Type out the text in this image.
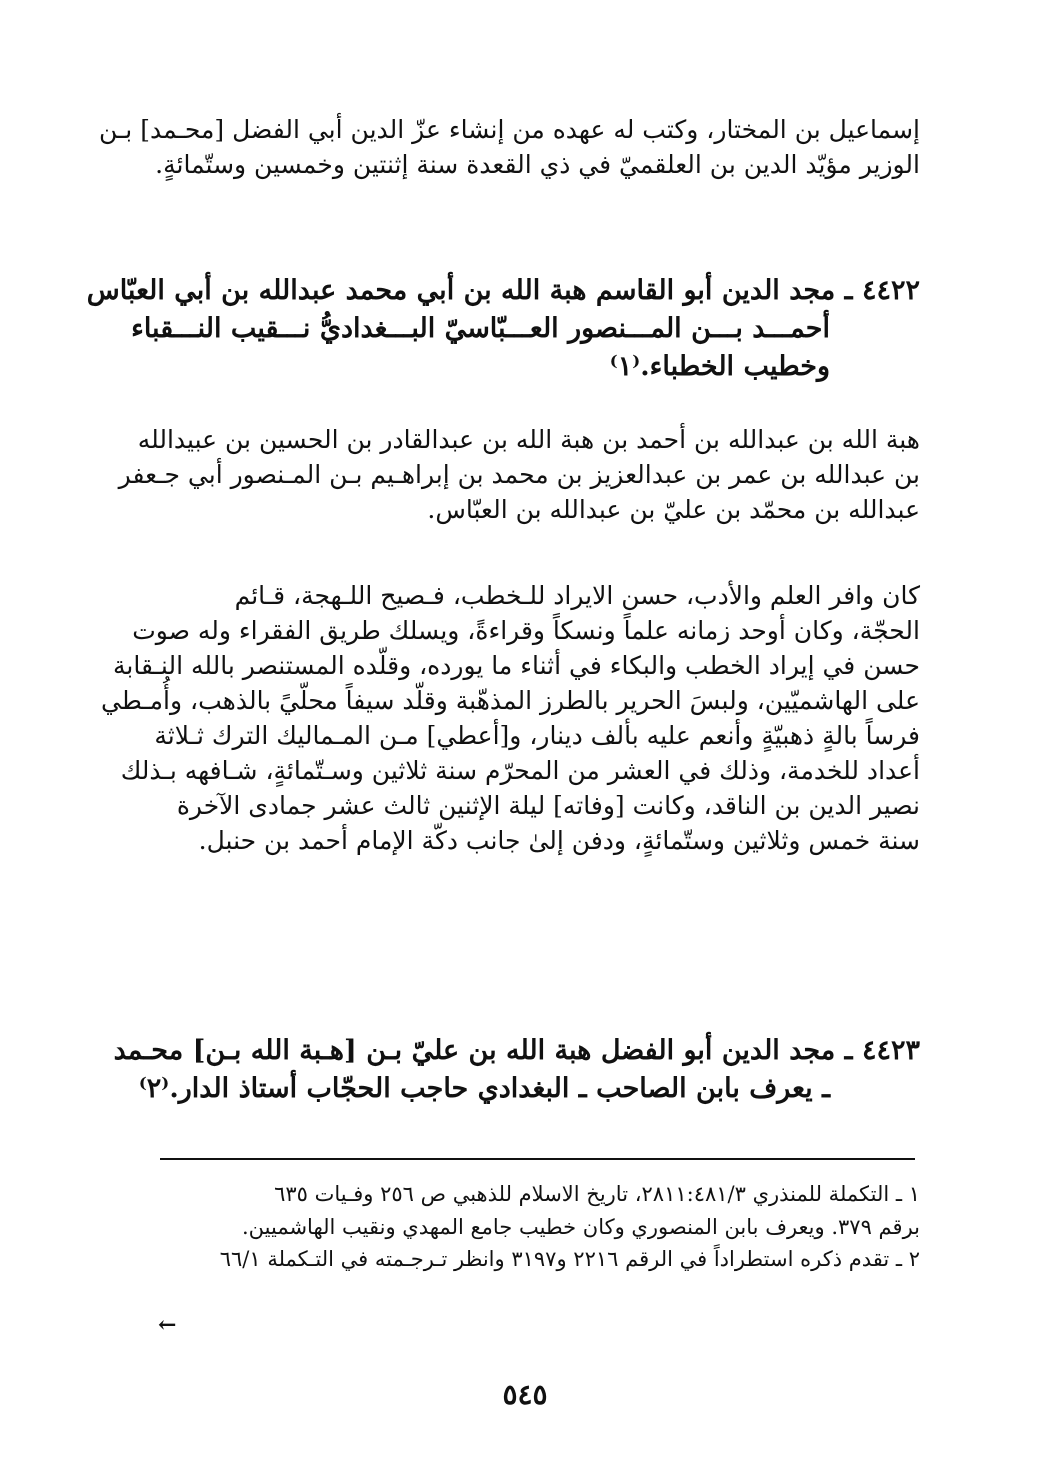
إسماعيل بن المختار، وكتب له عهده من إنشاء عزّ الدين أبي الفضل [محـمد] بـن
الوزير مؤيّد الدين بن العلقميّ في ذي القعدة سنة إثنتين وخمسين وستّمائةٍ.
٤٤٢٢ ـ مجد الدين أبو القاسم هبة الله بن أبي محمد عبدالله بن أبي العبّاس
أحمـــد بـــن المـــنصور العـــبّاسيّ البـــغداديُّ نـــقيب النـــقباء
وخطيب الخطباء.⁽١⁾
هبة الله بن عبدالله بن أحمد بن هبة الله بن عبدالقادر بن الحسين بن عبيدالله
بن عبدالله بن عمر بن عبدالعزيز بن محمد بن إبراهـيم بـن المـنصور أبي جـعفر
عبدالله بن محمّد بن عليّ بن عبدالله بن العبّاس.
كان وافر العلم والأدب، حسن الايراد للـخطب، فـصيح اللـهجة، قـائم
الحجّة، وكان أوحد زمانه علماً ونسكاً وقراءةً، ويسلك طريق الفقراء وله صوت
حسن في إيراد الخطب والبكاء في أثناء ما يورده، وقلّده المستنصر بالله النـقابة
على الهاشميّين، ولبسَ الحرير بالطرز المذهّبة وقلّد سيفاً محلّيً بالذهب، وأُمـطي
فرساً بالةٍ ذهبيّةٍ وأنعم عليه بألف دينار، و[أعطي] مـن المـماليك الترك ثـلاثة
أعداد للخدمة، وذلك في العشر من المحرّم سنة ثلاثين وسـتّمائةٍ، شـافهه بـذلك
نصير الدين بن الناقد، وكانت [وفاته] ليلة الإثنين ثالث عشر جمادى الآخرة
سنة خمس وثلاثين وستّمائةٍ، ودفن إلىٰ جانب دكّة الإمام أحمد بن حنبل.
٤٤٢٣ ـ مجد الدين أبو الفضل هبة الله بن عليّ بـن [هـبة الله بـن] محـمد
ـ يعرف بابن الصاحب ـ البغدادي حاجب الحجّاب أستاذ الدار.⁽٢⁾
١ ـ التكملة للمنذري ٢٨١١:٤٨١/٣، تاريخ الاسلام للذهبي ص ٢٥٦ وفـيات ٦٣٥
برقم ٣٧٩. ويعرف بابن المنصوري وكان خطيب جامع المهدي ونقيب الهاشميين.
٢ ـ تقدم ذكره استطراداً في الرقم ٢٢١٦ و٣١٩٧ وانظر تـرجـمته في التـكملة ٦٦/١
←
٥٤٥
